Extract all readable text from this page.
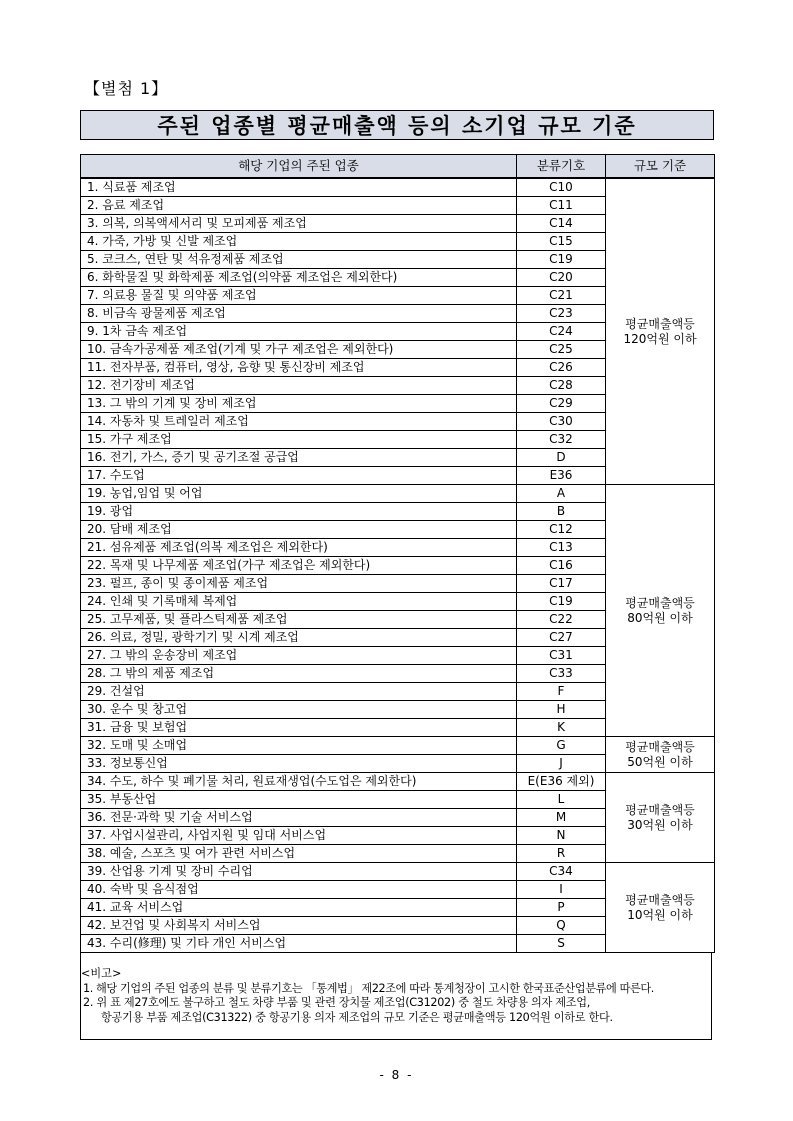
【별첨 1】
주된 업종별 평균매출액 등의 소기업 규모 기준
해당 기업의 주된 업종	분류기호	규모 기준
1. 식료품 제조업	C10	평균매출액등
120억원 이하

2. 음료 제조업	C11	
3. 의복, 의복액세서리 및 모피제품 제조업	C14	
4. 가죽, 가방 및 신발 제조업	C15	
5. 코크스, 연탄 및 석유정제품 제조업	C19	
6. 화학물질 및 화학제품 제조업(의약품 제조업은 제외한다)	C20	
7. 의료용 물질 및 의약품 제조업	C21	
8. 비금속 광물제품 제조업	C23	
9. 1차 금속 제조업	C24	
10. 금속가공제품 제조업(기계 및 가구 제조업은 제외한다)	C25	
11. 전자부품, 컴퓨터, 영상, 음향 및 통신장비 제조업	C26	
12. 전기장비 제조업	C28	
13. 그 밖의 기계 및 장비 제조업	C29	
14. 자동차 및 트레일러 제조업	C30	
15. 가구 제조업	C32	
16. 전기, 가스, 증기 및 공기조절 공급업	D	
17. 수도업	E36	
19. 농업,임업 및 어업	A	평균매출액등
80억원 이하

19. 광업	B	
20. 담배 제조업	C12	
21. 섬유제품 제조업(의복 제조업은 제외한다)	C13	
22. 목재 및 나무제품 제조업(가구 제조업은 제외한다)	C16	
23. 펄프, 종이 및 종이제품 제조업	C17	
24. 인쇄 및 기록매체 복제업	C19	
25. 고무제품, 및 플라스틱제품 제조업	C22	
26. 의료, 정밀, 광학기기 및 시계 제조업	C27	
27. 그 밖의 운송장비 제조업	C31	
28. 그 밖의 제품 제조업	C33	
29. 건설업	F	
30. 운수 및 창고업	H	
31. 금융 및 보험업	K	
32. 도매 및 소매업	G	평균매출액등
50억원 이하

33. 정보통신업	J	
34. 수도, 하수 및 폐기물 처리, 원료재생업(수도업은 제외한다)	E(E36 제외)	평균매출액등
30억원 이하

35. 부동산업	L	
36. 전문·과학 및 기술 서비스업	M	
37. 사업시설관리, 사업지원 및 임대 서비스업	N	
38. 예술, 스포츠 및 여가 관련 서비스업	R	
39. 산업용 기계 및 장비 수리업	C34	평균매출액등
10억원 이하

40. 숙박 및 음식점업	I	
41. 교육 서비스업	P	
42. 보건업 및 사회복지 서비스업	Q	
43. 수리(修理) 및 기타 개인 서비스업	S	
<비고>
1. 해당 기업의 주된 업종의 분류 및 분류기호는 「통계법」 제22조에 따라 통계청장이 고시한 한국표준산업분류에 따른다.
2. 위 표 제27호에도 불구하고 철도 차량 부품 및 관련 장치물 제조업(C31202) 중 철도 차량용 의자 제조업,
항공기용 부품 제조업(C31322) 중 항공기용 의자 제조업의 규모 기준은 평균매출액등 120억원 이하로 한다.
- 8 -
